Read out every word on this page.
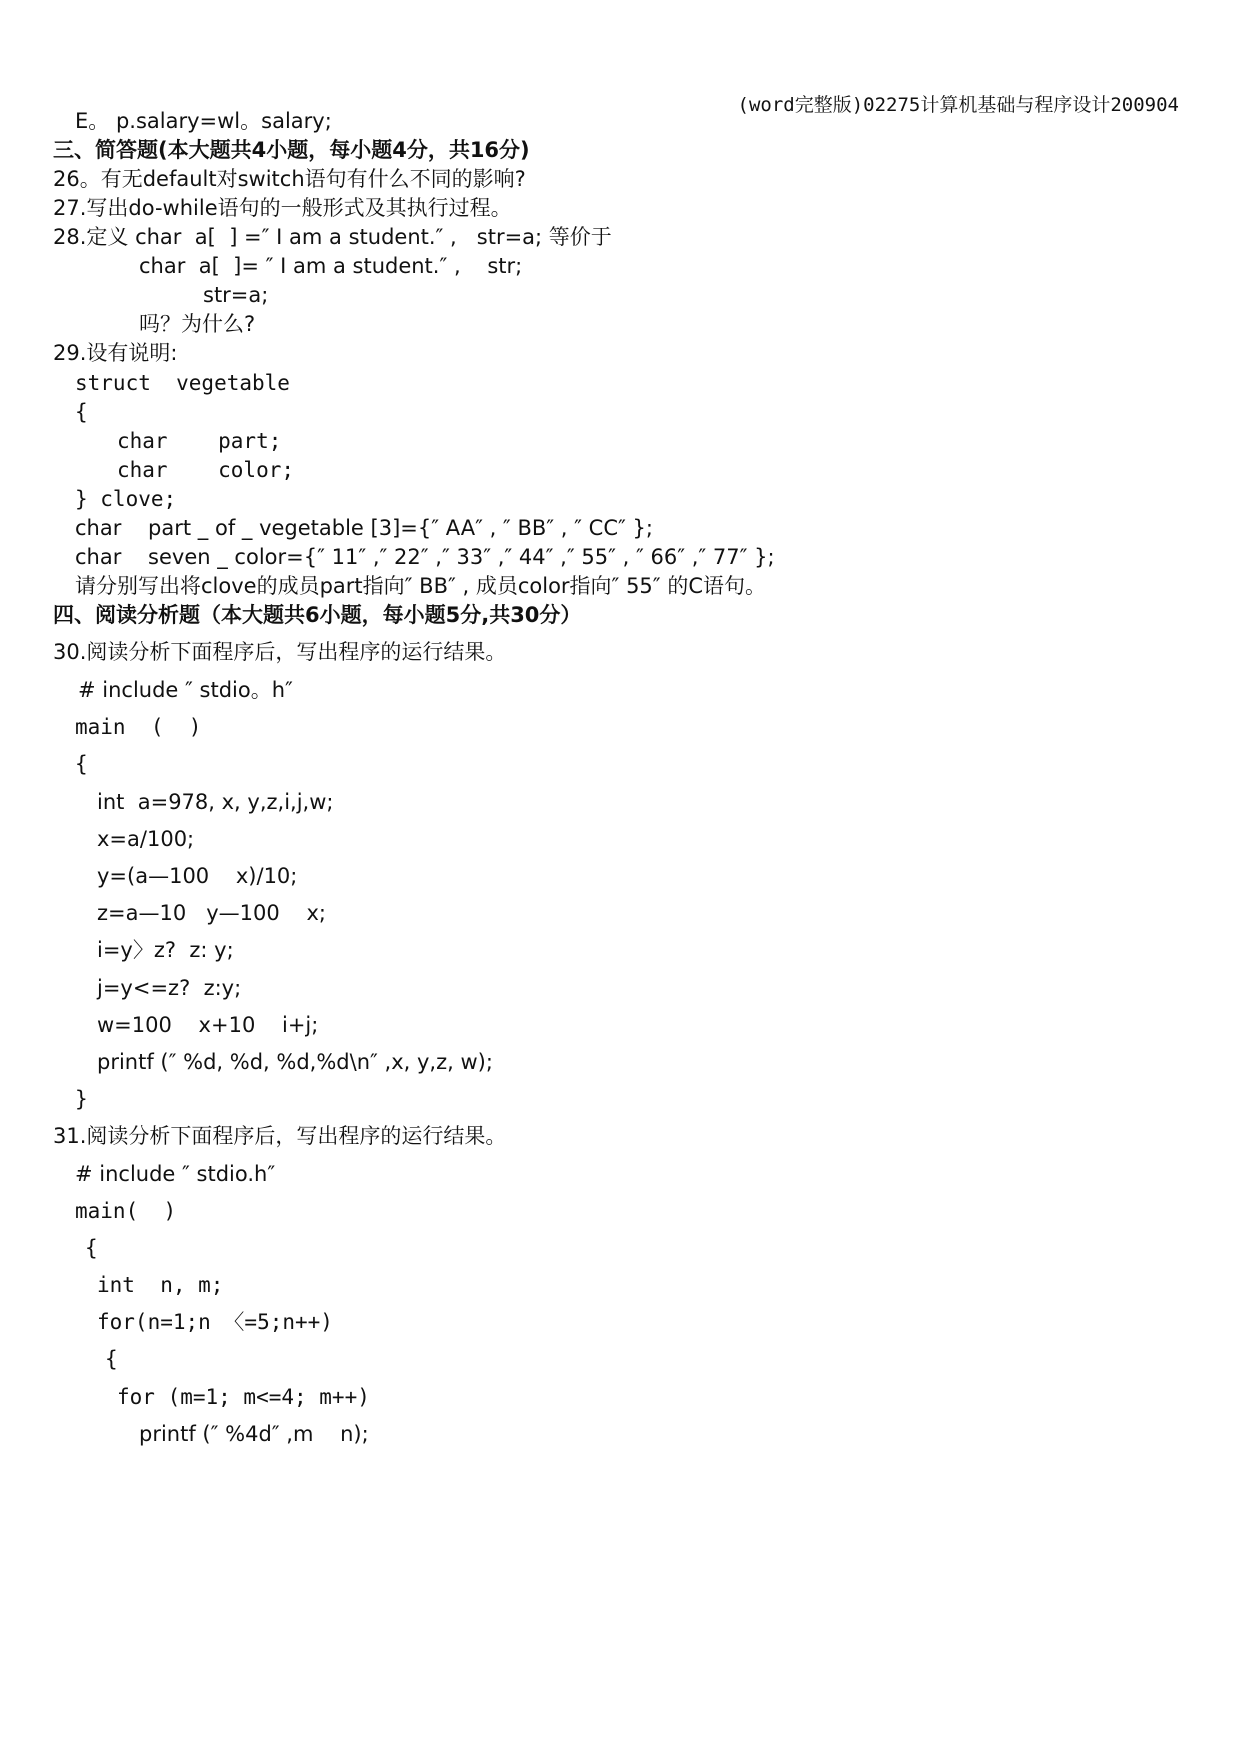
(word完整版)02275计算机基础与程序设计200904
E。 p.salary=wl。salary;
三、简答题(本大题共4小题，每小题4分，共16分)
26。有无default对switch语句有什么不同的影响?
27.写出do-while语句的一般形式及其执行过程。
28.定义 char  a[  ] =″ I am a student.″ ,   str=a; 等价于
char  a[  ]= ″ I am a student.″ ,    str;
str=a;
吗？为什么?
29.设有说明:
struct  vegetable
{
char    part;
char    color;
} clove;
char    part _ of _ vegetable [3]={″ AA″ , ″ BB″ , ″ CC″ };
char    seven _ color={″ 11″ ,″ 22″ ,″ 33″ ,″ 44″ ,″ 55″ , ″ 66″ ,″ 77″ };
请分别写出将clove的成员part指向″ BB″ , 成员color指向″ 55″ 的C语句。
四、阅读分析题（本大题共6小题，每小题5分,共30分）
30.阅读分析下面程序后，写出程序的运行结果。
# include ″ stdio。h″
main  (  )
{
int  a=978, x, y,z,i,j,w;
x=a/100;
y=(a—100    x)/10;
z=a—10   y—100    x;
i=y〉z?  z: y;
j=y<=z?  z:y;
w=100    x+10    i+j;
printf (″ %d, %d, %d,%d\n″ ,x, y,z, w);
}
31.阅读分析下面程序后，写出程序的运行结果。
# include ″ stdio.h″
main(  )
{
int  n, m;
for(n=1;n 〈=5;n++)
{
for (m=1; m<=4; m++)
printf (″ %4d″ ,m    n);
